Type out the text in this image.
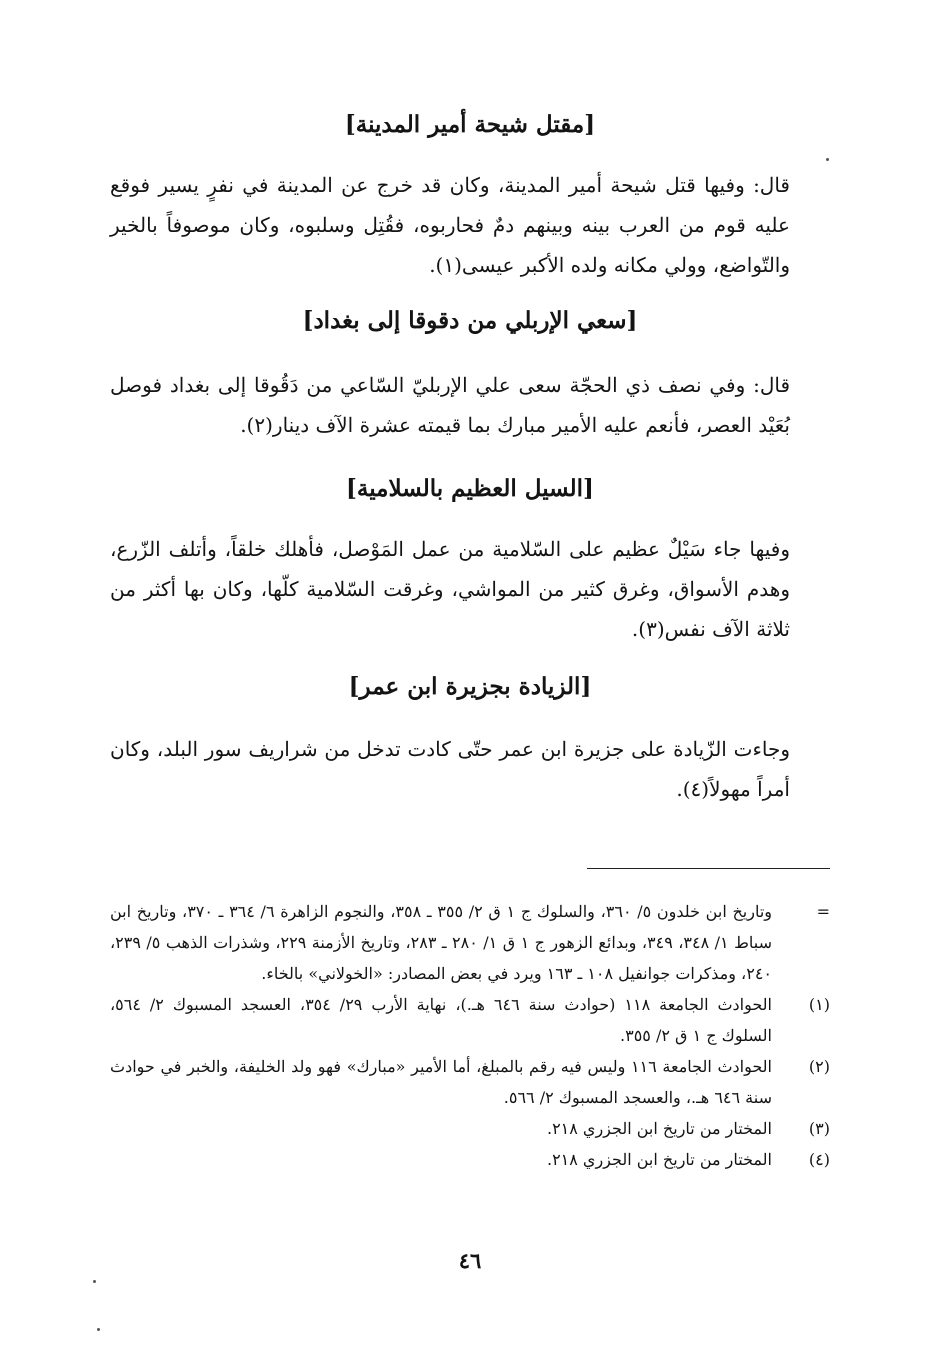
[مقتل شيحة أمير المدينة]

قال: وفيها قتل شيحة أمير المدينة، وكان قد خرج عن المدينة في نفرٍ يسير فوقع عليه قوم من العرب بينه وبينهم دمٌ فحاربوه، فقُتِل وسلبوه، وكان موصوفاً بالخير والتّواضع، وولي مكانه ولده الأكبر عيسى(١).

[سعي الإربلي من دقوقا إلى بغداد]

قال: وفي نصف ذي الحجّة سعى علي الإربليّ السّاعي من دَقُوقا إلى بغداد فوصل بُعَيْد العصر، فأنعم عليه الأمير مبارك بما قيمته عشرة الآف دينار(٢).

[السيل العظيم بالسلامية]

وفيها جاء سَيْلٌ عظيم على السّلامية من عمل المَوْصل، فأهلك خلقاً، وأتلف الزّرع، وهدم الأسواق، وغرق كثير من المواشي، وغرقت السّلامية كلّها، وكان بها أكثر من ثلاثة الآف نفس(٣).

[الزيادة بجزيرة ابن عمر]

وجاءت الزّيادة على جزيرة ابن عمر حتّى كادت تدخل من شراريف سور البلد، وكان أمراً مهولاً(٤).

=
وتاريخ ابن خلدون ٥/ ٣٦٠، والسلوك ج ١ ق ٢/ ٣٥٥ ـ ٣٥٨، والنجوم الزاهرة ٦/ ٣٦٤ ـ ٣٧٠، وتاريخ ابن سباط ١/ ٣٤٨، ٣٤٩، وبدائع الزهور ج ١ ق ١/ ٢٨٠ ـ ٢٨٣، وتاريخ الأزمنة ٢٢٩، وشذرات الذهب ٥/ ٢٣٩، ٢٤٠، ومذكرات جوانفيل ١٠٨ ـ ١٦٣ ويرد في بعض المصادر: «الخولاني» بالخاء.
(١)
الحوادث الجامعة ١١٨ (حوادث سنة ٦٤٦ هـ.)، نهاية الأرب ٢٩/ ٣٥٤، العسجد المسبوك ٢/ ٥٦٤، السلوك ج ١ ق ٢/ ٣٥٥.
(٢)
الحوادث الجامعة ١١٦ وليس فيه رقم بالمبلغ، أما الأمير «مبارك» فهو ولد الخليفة، والخبر في حوادث سنة ٦٤٦ هـ.، والعسجد المسبوك ٢/ ٥٦٦.
(٣)
المختار من تاريخ ابن الجزري ٢١٨.
(٤)
المختار من تاريخ ابن الجزري ٢١٨.
٤٦
